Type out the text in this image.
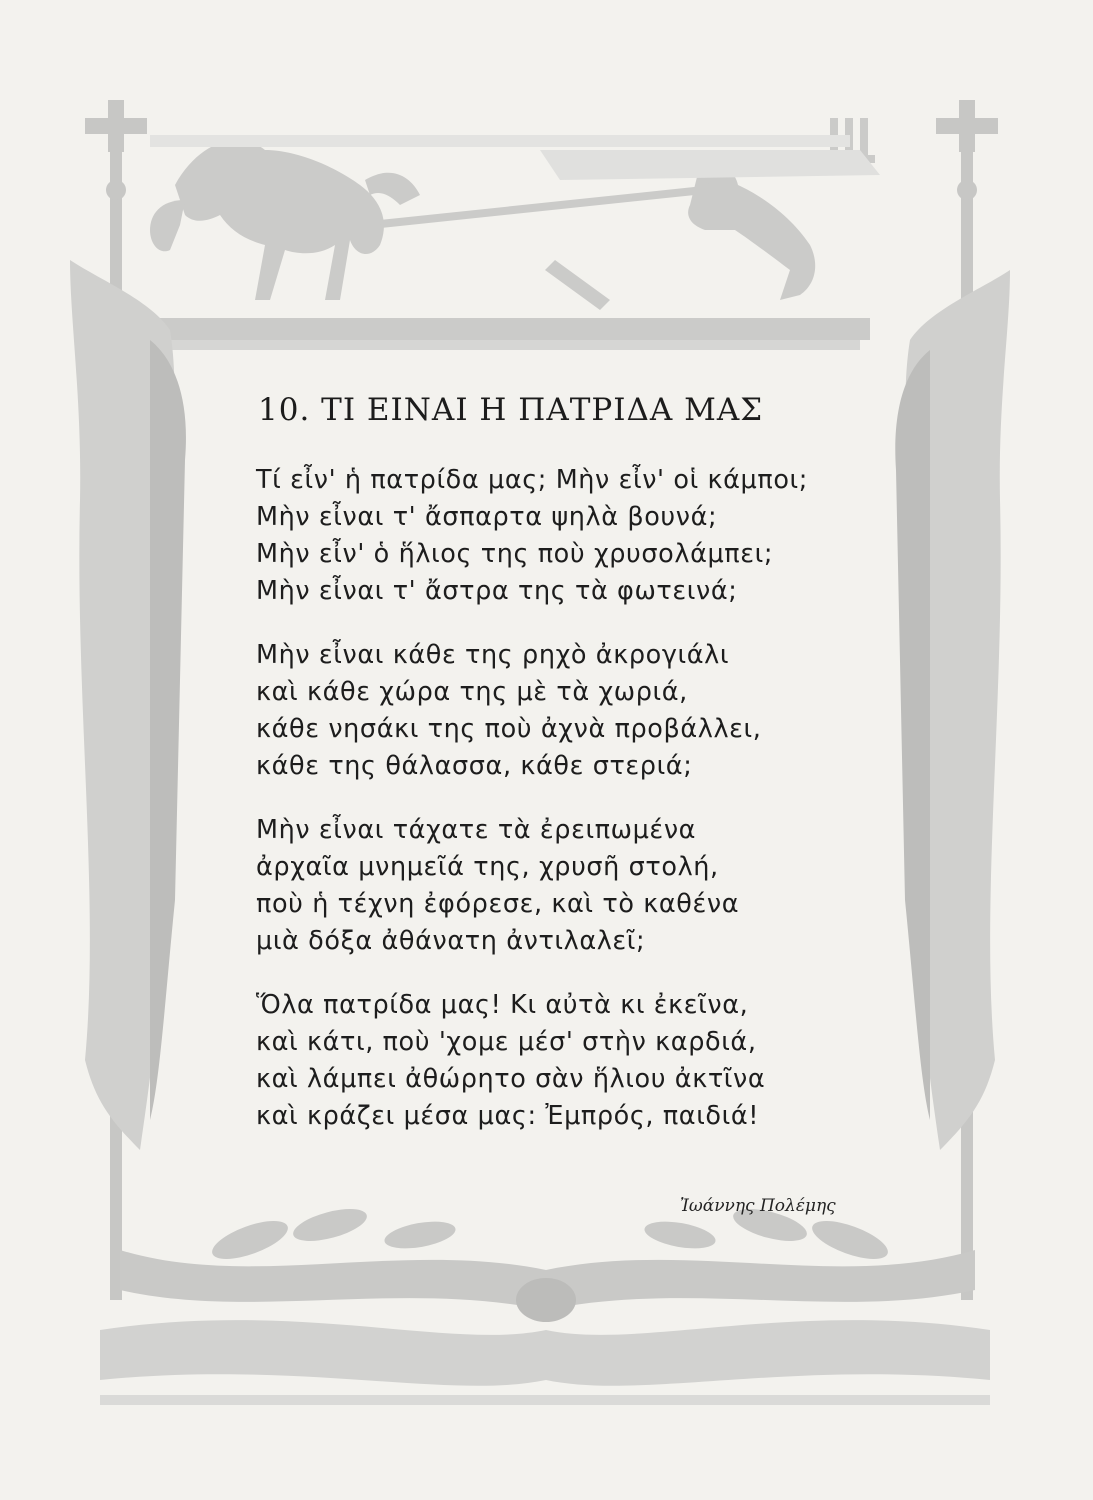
10. ΤΙ ΕΙΝΑΙ Η ΠΑΤΡΙΔΑ ΜΑΣ
Τί εἶν' ἡ πατρίδα μας; Μὴν εἶν' οἱ κάμποι;
Μὴν εἶναι τ' ἄσπαρτα ψηλὰ βουνά;
Μὴν εἶν' ὁ ἥλιος της ποὺ χρυσολάμπει;
Μὴν εἶναι τ' ἄστρα της τὰ φωτεινά;
Μὴν εἶναι κάθε της ρηχὸ ἀκρογιάλι
καὶ κάθε χώρα της μὲ τὰ χωριά,
κάθε νησάκι της ποὺ ἀχνὰ προβάλλει,
κάθε της θάλασσα, κάθε στεριά;
Μὴν εἶναι τάχατε τὰ ἐρειπωμένα
ἀρχαῖα μνημεῖά της, χρυσῆ στολή,
ποὺ ἡ τέχνη ἐφόρεσε, καὶ τὸ καθένα
μιὰ δόξα ἀθάνατη ἀντιλαλεῖ;
Ὅλα πατρίδα μας! Κι αὐτὰ κι ἐκεῖνα,
καὶ κάτι, ποὺ 'χομε μέσ' στὴν καρδιά,
καὶ λάμπει ἀθώρητο σὰν ἥλιου ἀκτῖνα
καὶ κράζει μέσα μας: Ἐμπρός, παιδιά!
Ἰωάννης Πολέμης
